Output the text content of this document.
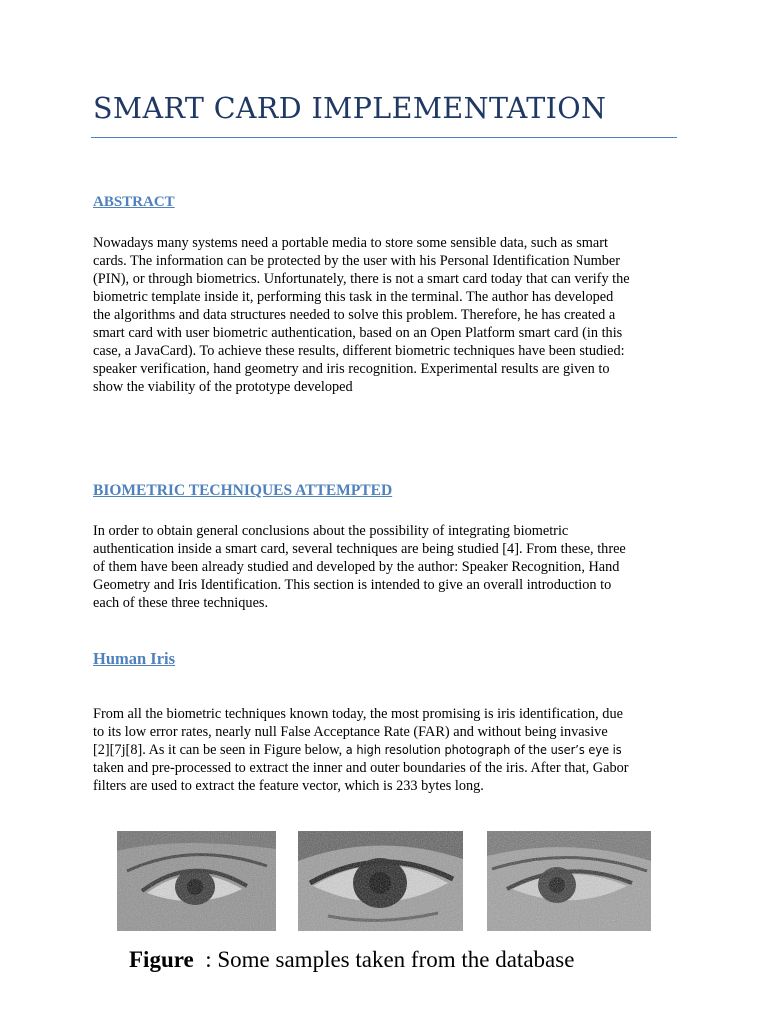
SMART CARD IMPLEMENTATION
ABSTRACT

Nowadays many systems need a portable media to store some sensible data, such as smart
cards. The information can be protected by the user with his Personal Identification Number
(PIN), or through biometrics. Unfortunately, there is not a smart card today that can verify the
biometric template inside it, performing this task in the terminal. The author has developed
the algorithms and data structures needed to solve this problem. Therefore, he has created a
smart card with user biometric authentication, based on an Open Platform smart card (in this
case, a JavaCard). To achieve these results, different biometric techniques have been studied:
speaker verification, hand geometry and iris recognition. Experimental results are given to
show the viability of the prototype developed

BIOMETRIC TECHNIQUES ATTEMPTED

In order to obtain general conclusions about the possibility of integrating biometric
authentication inside a smart card, several techniques are being studied [4]. From these, three
of them have been already studied and developed by the author: Speaker Recognition, Hand
Geometry and Iris Identification. This section is intended to give an overall introduction to
each of these three techniques.

Human Iris

From all the biometric techniques known today, the most promising is iris identification, due
to its low error rates, nearly null False Acceptance Rate (FAR) and without being invasive
[2][7j[8]. As it can be seen in Figure below, a high resolution photograph of the user’s eye is
taken and pre-processed to extract the inner and outer boundaries of the iris. After that, Gabor
filters are used to extract the feature vector, which is 233 bytes long.

Figure  : Some samples taken from the database
